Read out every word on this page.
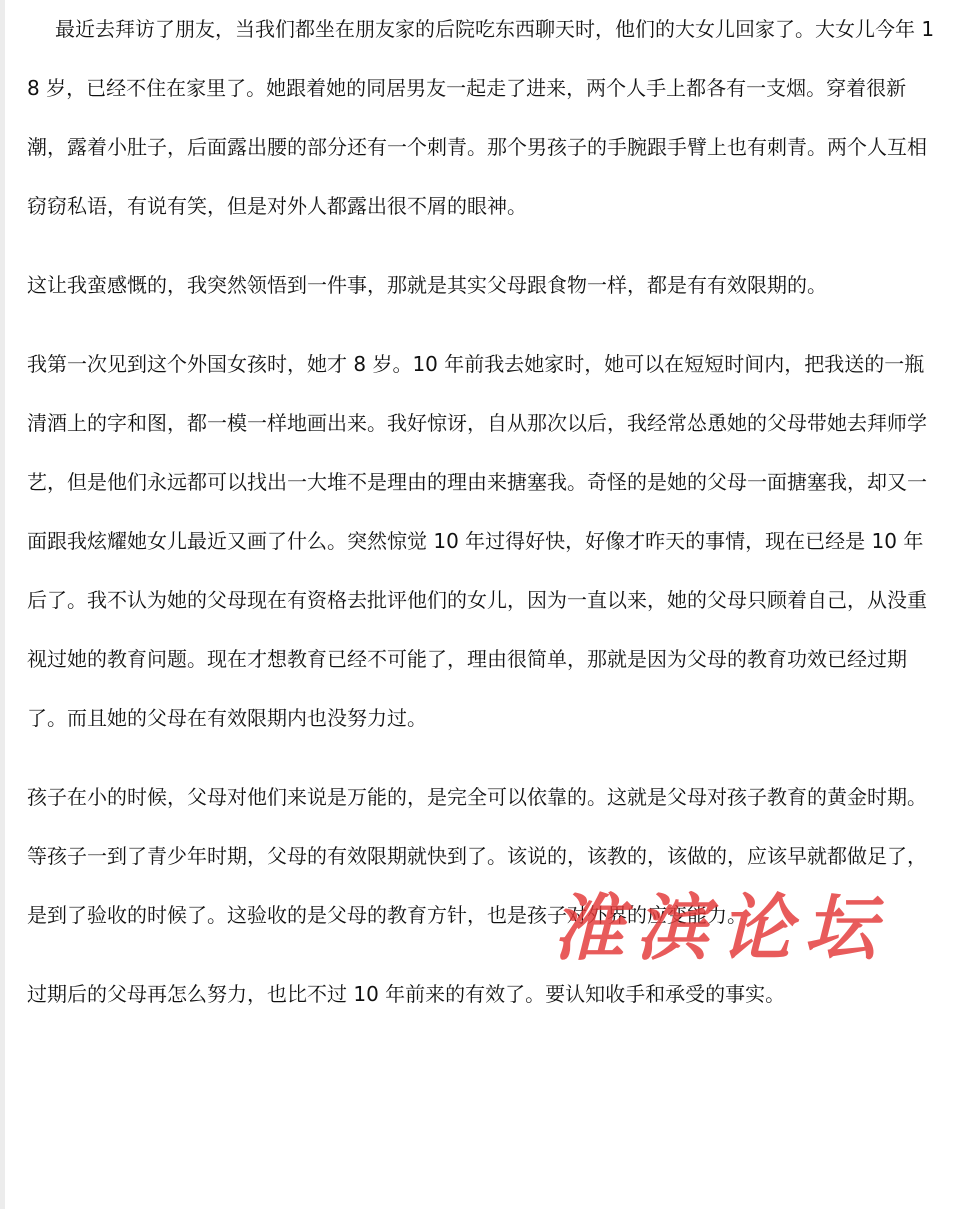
最近去拜访了朋友，当我们都坐在朋友家的后院吃东西聊天时，他们的大女儿回家了。大女儿今年 18 岁，已经不住在家里了。她跟着她的同居男友一起走了进来，两个人手上都各有一支烟。穿着很新潮，露着小肚子，后面露出腰的部分还有一个刺青。那个男孩子的手腕跟手臂上也有刺青。两个人互相窃窃私语，有说有笑，但是对外人都露出很不屑的眼神。

这让我蛮感慨的，我突然领悟到一件事，那就是其实父母跟食物一样，都是有有效限期的。

我第一次见到这个外国女孩时，她才 8 岁。10 年前我去她家时，她可以在短短时间内，把我送的一瓶清酒上的字和图，都一模一样地画出来。我好惊讶，自从那次以后，我经常怂恿她的父母带她去拜师学艺，但是他们永远都可以找出一大堆不是理由的理由来搪塞我。奇怪的是她的父母一面搪塞我，却又一面跟我炫耀她女儿最近又画了什么。突然惊觉 10 年过得好快，好像才昨天的事情，现在已经是 10 年后了。我不认为她的父母现在有资格去批评他们的女儿，因为一直以来，她的父母只顾着自己，从没重视过她的教育问题。现在才想教育已经不可能了，理由很简单，那就是因为父母的教育功效已经过期了。而且她的父母在有效限期内也没努力过。

孩子在小的时候，父母对他们来说是万能的，是完全可以依靠的。这就是父母对孩子教育的黄金时期。等孩子一到了青少年时期，父母的有效限期就快到了。该说的，该教的，该做的，应该早就都做足了，是到了验收的时候了。这验收的是父母的教育方针，也是孩子对外界的应变能力。

过期后的父母再怎么努力，也比不过 10 年前来的有效了。要认知收手和承受的事实。

淮滨论坛
